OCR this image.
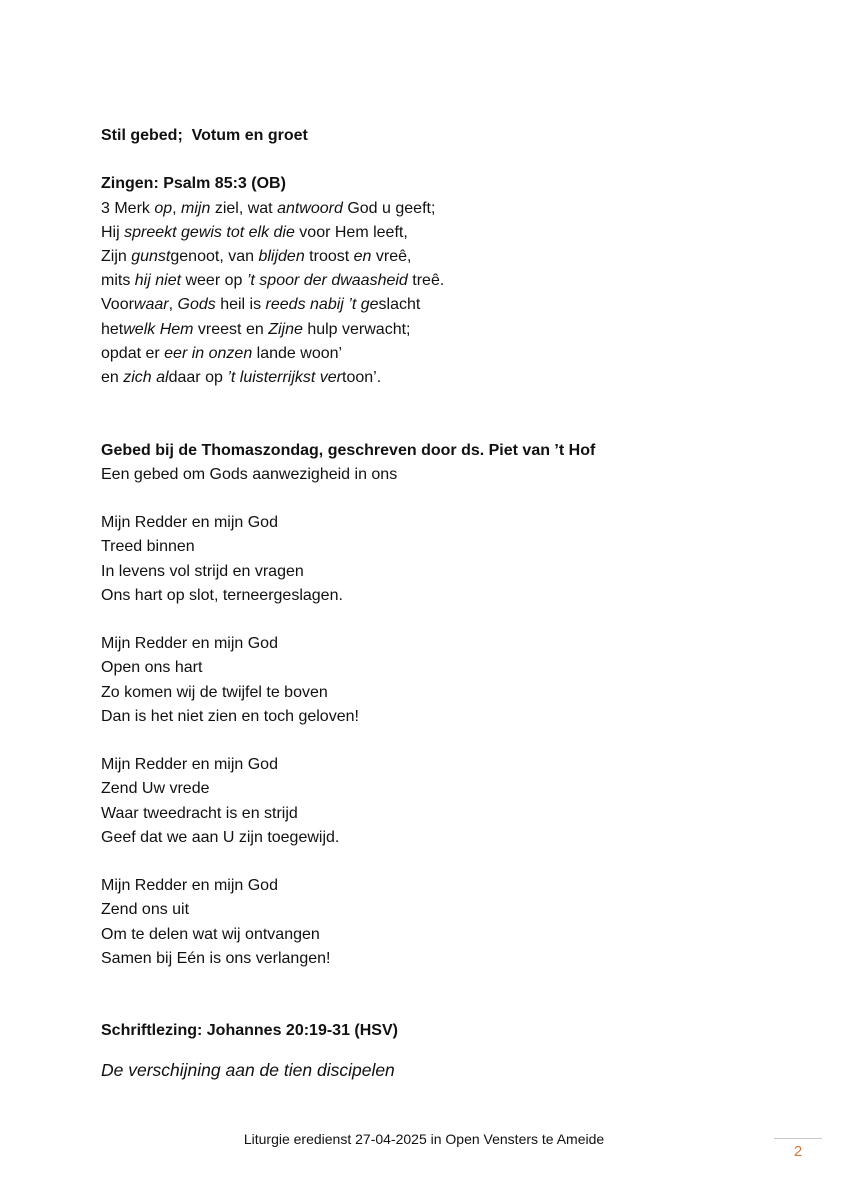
Stil gebed;  Votum en groet
Zingen: Psalm 85:3 (OB)
3 Merk op, mijn ziel, wat antwoord God u geeft;
Hij spreekt gewis tot elk die voor Hem leeft,
Zijn gunstgenoot, van blijden troost en vreê,
mits hij niet weer op ’t spoor der dwaasheid treê.
Voorwaar, Gods heil is reeds nabij ’t geslacht
hetwelk Hem vreest en Zijne hulp verwacht;
opdat er eer in onzen lande woon’
en zich aldaar op ’t luisterrijkst vertoon’.
Gebed bij de Thomaszondag, geschreven door ds. Piet van ’t Hof
Een gebed om Gods aanwezigheid in ons
Mijn Redder en mijn God
Treed binnen
In levens vol strijd en vragen
Ons hart op slot, terneergeslagen.
Mijn Redder en mijn God
Open ons hart
Zo komen wij de twijfel te boven
Dan is het niet zien en toch geloven!
Mijn Redder en mijn God
Zend Uw vrede
Waar tweedracht is en strijd
Geef dat we aan U zijn toegewijd.
Mijn Redder en mijn God
Zend ons uit
Om te delen wat wij ontvangen
Samen bij Eén is ons verlangen!
Schriftlezing: Johannes 20:19-31 (HSV)
De verschijning aan de tien discipelen
Liturgie eredienst 27-04-2025 in Open Vensters te Ameide
2
